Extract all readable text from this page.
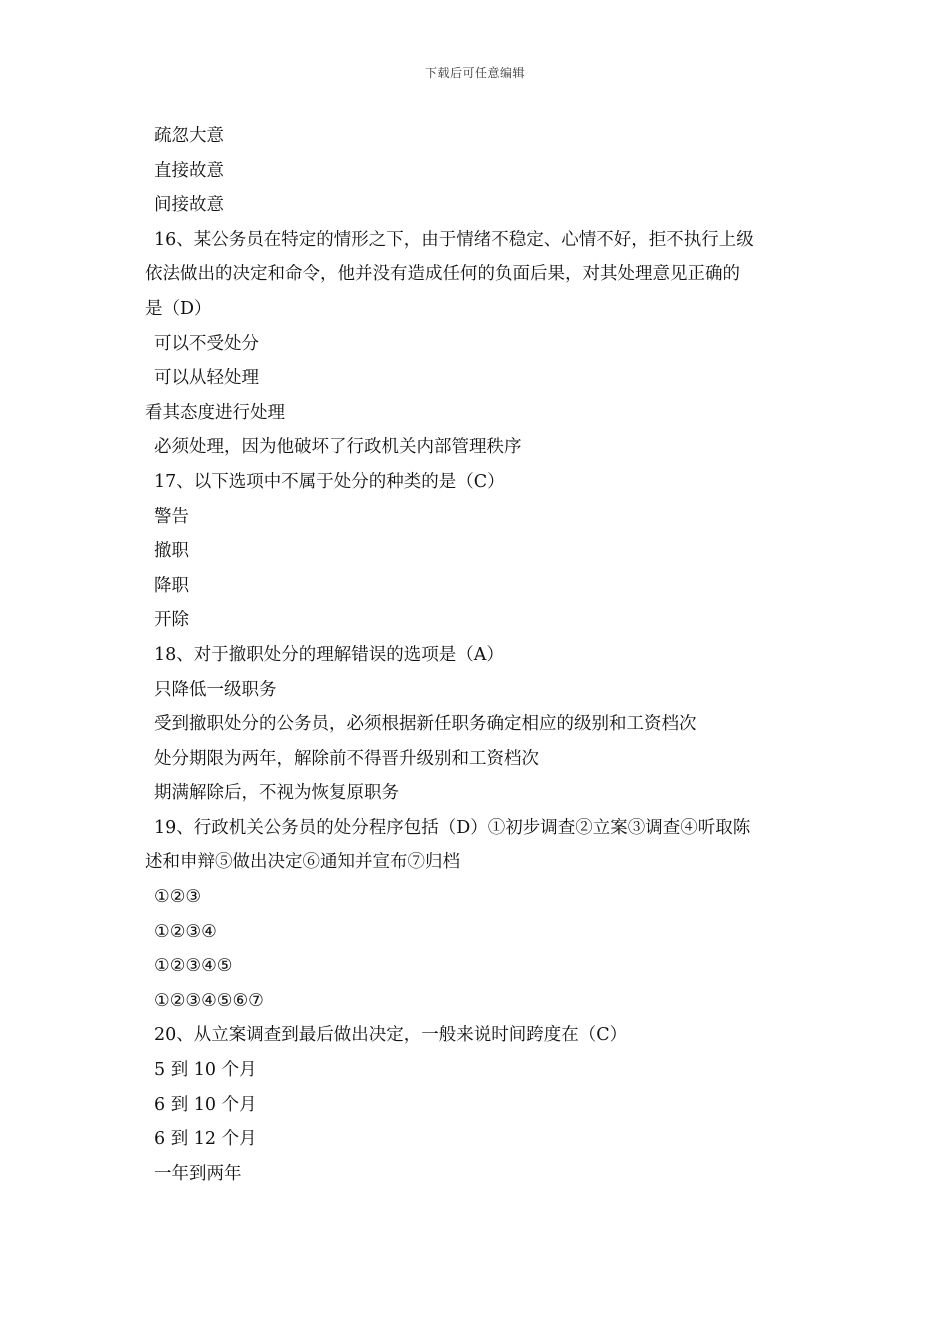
下载后可任意编辑
疏忽大意
直接故意
间接故意
16、某公务员在特定的情形之下，由于情绪不稳定、心情不好，拒不执行上级
依法做出的决定和命令，他并没有造成任何的负面后果，对其处理意见正确的
是（D）
可以不受处分
可以从轻处理
看其态度进行处理
必须处理，因为他破坏了行政机关内部管理秩序
17、以下选项中不属于处分的种类的是（C）
警告
撤职
降职
开除
18、对于撤职处分的理解错误的选项是（A）
只降低一级职务
受到撤职处分的公务员，必须根据新任职务确定相应的级别和工资档次
处分期限为两年，解除前不得晋升级别和工资档次
期满解除后，不视为恢复原职务
19、行政机关公务员的处分程序包括（D）①初步调查②立案③调查④听取陈
述和申辩⑤做出决定⑥通知并宣布⑦归档
①②③
①②③④
①②③④⑤
①②③④⑤⑥⑦
20、从立案调查到最后做出决定，一般来说时间跨度在（C）
5 到 10 个月
6 到 10 个月
6 到 12 个月
一年到两年
